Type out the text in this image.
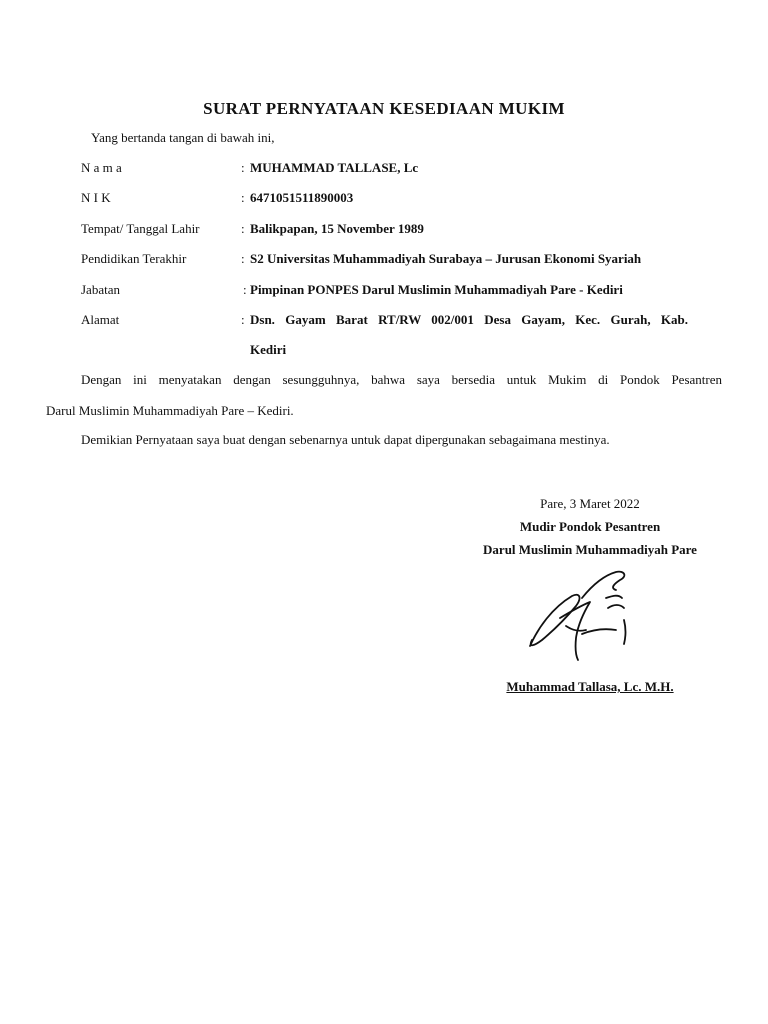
SURAT PERNYATAAN KESEDIAAN MUKIM
Yang bertanda tangan di bawah ini,
N a m a	: MUHAMMAD TALLASE, Lc
N I K	: 6471051511890003
Tempat/ Tanggal Lahir	: Balikpapan, 15 November 1989
Pendidikan Terakhir	: S2 Universitas Muhammadiyah Surabaya – Jurusan Ekonomi Syariah
Jabatan	: Pimpinan PONPES Darul Muslimin Muhammadiyah Pare - Kediri
Alamat	: Dsn. Gayam Barat RT/RW 002/001 Desa Gayam, Kec. Gurah, Kab.
Kediri
Dengan ini menyatakan dengan sesungguhnya, bahwa saya bersedia untuk Mukim di Pondok Pesantren
Darul Muslimin Muhammadiyah Pare – Kediri.
Demikian Pernyataan saya buat dengan sebenarnya untuk dapat dipergunakan sebagaimana mestinya.
Pare, 3 Maret 2022
Mudir Pondok Pesantren
Darul Muslimin Muhammadiyah Pare
Muhammad Tallasa, Lc. M.H.
